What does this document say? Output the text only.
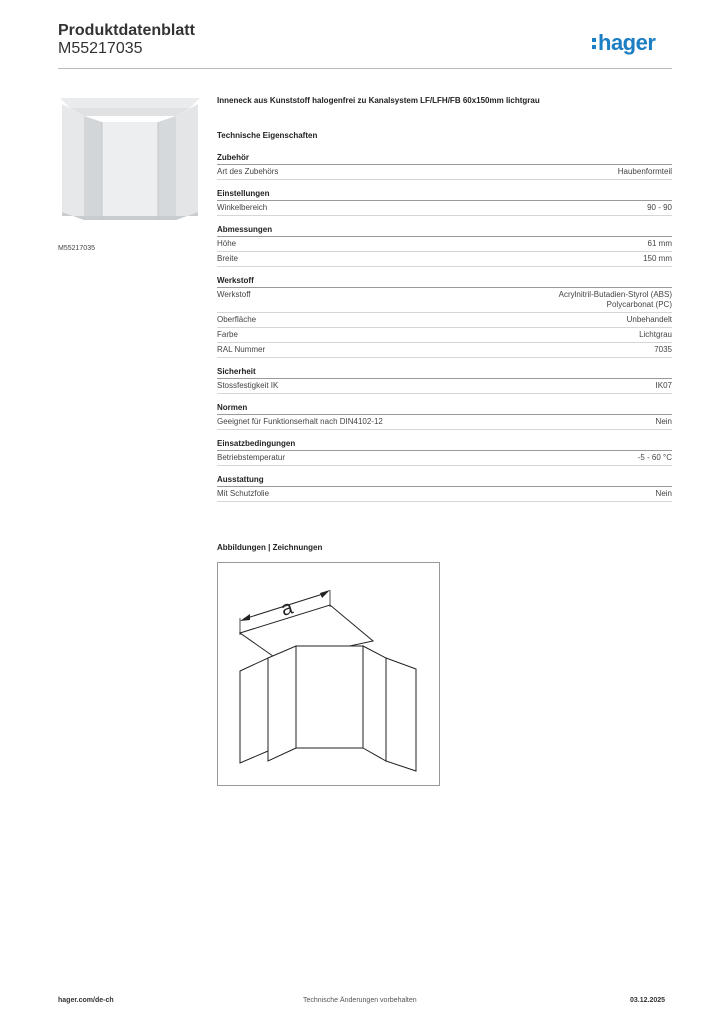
Produktdatenblatt
M55217035	hager
M55217035
Inneneck aus Kunststoff halogenfrei zu Kanalsystem LF/LFH/FB 60x150mm lichtgrau
Technische Eigenschaften
Zubehör
Art des Zubehörs	Haubenformteil
Einstellungen
Winkelbereich	90 - 90
Abmessungen
Höhe	61 mm
Breite	150 mm
Werkstoff
Werkstoff	Acrylnitril-Butadien-Styrol (ABS)
Polycarbonat (PC)
Oberfläche	Unbehandelt
Farbe	Lichtgrau
RAL Nummer	7035
Sicherheit
Stossfestigkeit IK	IK07
Normen
Geeignet für Funktionserhalt nach DIN4102-12	Nein
Einsatzbedingungen
Betriebstemperatur	-5 - 60 °C
Ausstattung
Mit Schutzfolie	Nein
Abbildungen | Zeichnungen
a
hager.com/de-ch	Technische Änderungen vorbehalten	03.12.2025
